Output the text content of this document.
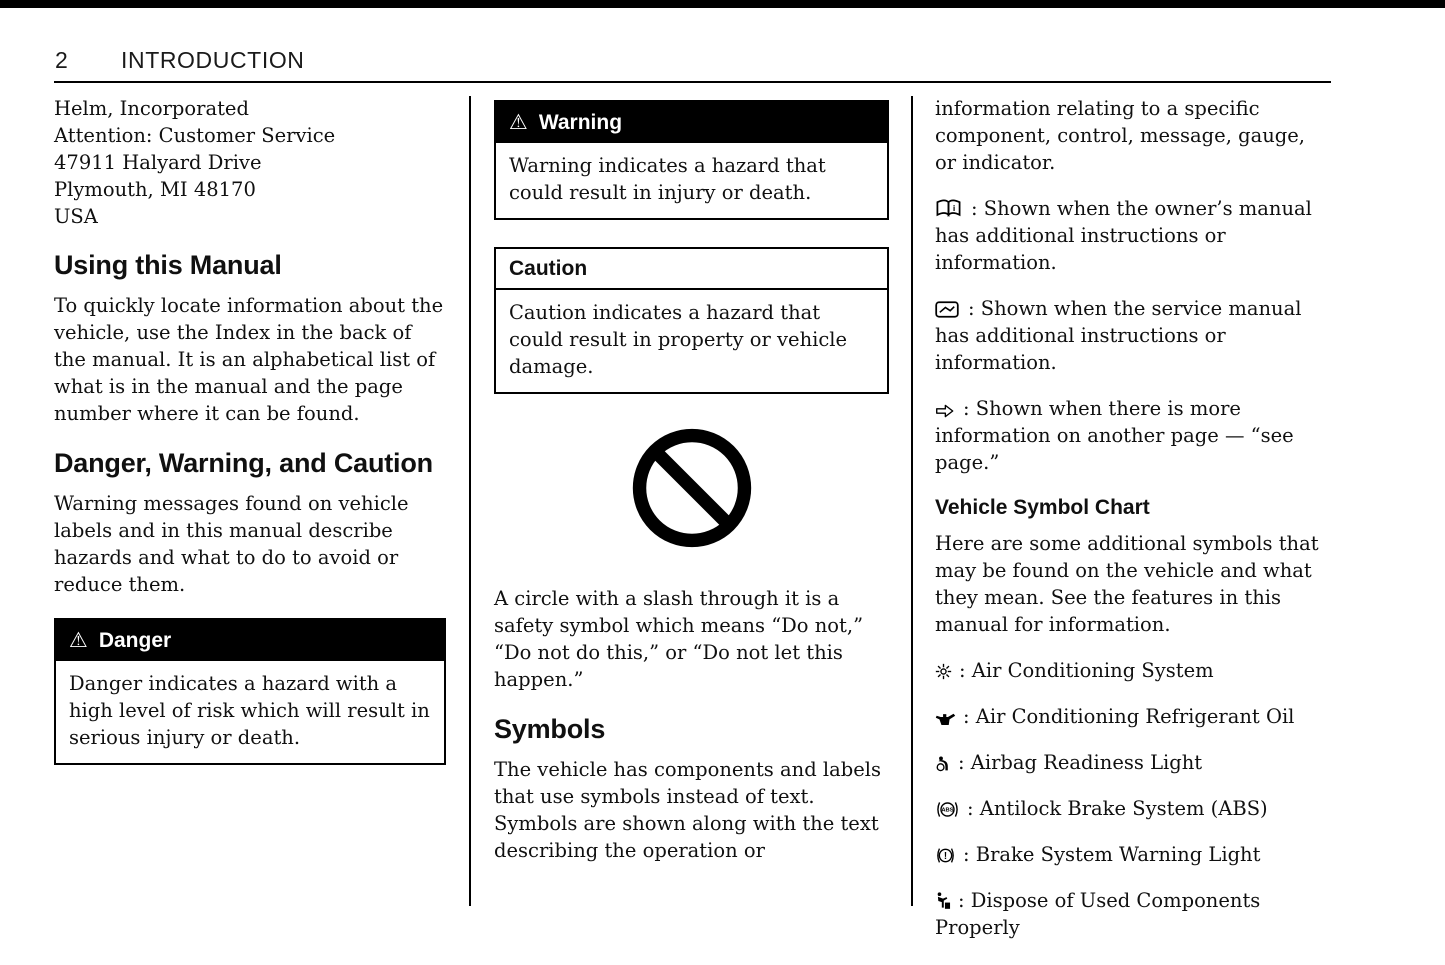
2 INTRODUCTION
Helm, Incorporated
Attention: Customer Service
47911 Halyard Drive
Plymouth, MI 48170
USA
Using this Manual

To quickly locate information about the vehicle, use the Index in the back of the manual. It is an alphabetical list of what is in the manual and the page number where it can be found.

Danger, Warning, and Caution

Warning messages found on vehicle labels and in this manual describe hazards and what to do to avoid or reduce them.

⚠ Danger
Danger indicates a hazard with a high level of risk which will result in serious injury or death.
⚠ Warning
Warning indicates a hazard that could result in injury or death.
Caution
Caution indicates a hazard that could result in property or vehicle damage.

A circle with a slash through it is a safety symbol which means “Do not,” “Do not do this,” or “Do not let this happen.”

Symbols

The vehicle has components and labels that use symbols instead of text. Symbols are shown along with the text describing the operation or

information relating to a specific component, control, message, gauge, or indicator.

i : Shown when the owner’s manual has additional instructions or information.

: Shown when the service manual has additional instructions or information.

: Shown when there is more information on another page — “see page.”

Vehicle Symbol Chart

Here are some additional symbols that may be found on the vehicle and what they mean. See the features in this manual for information.

: Air Conditioning System

: Air Conditioning Refrigerant Oil

: Airbag Readiness Light

ABS : Antilock Brake System (ABS)

! : Brake System Warning Light

: Dispose of Used Components Properly
